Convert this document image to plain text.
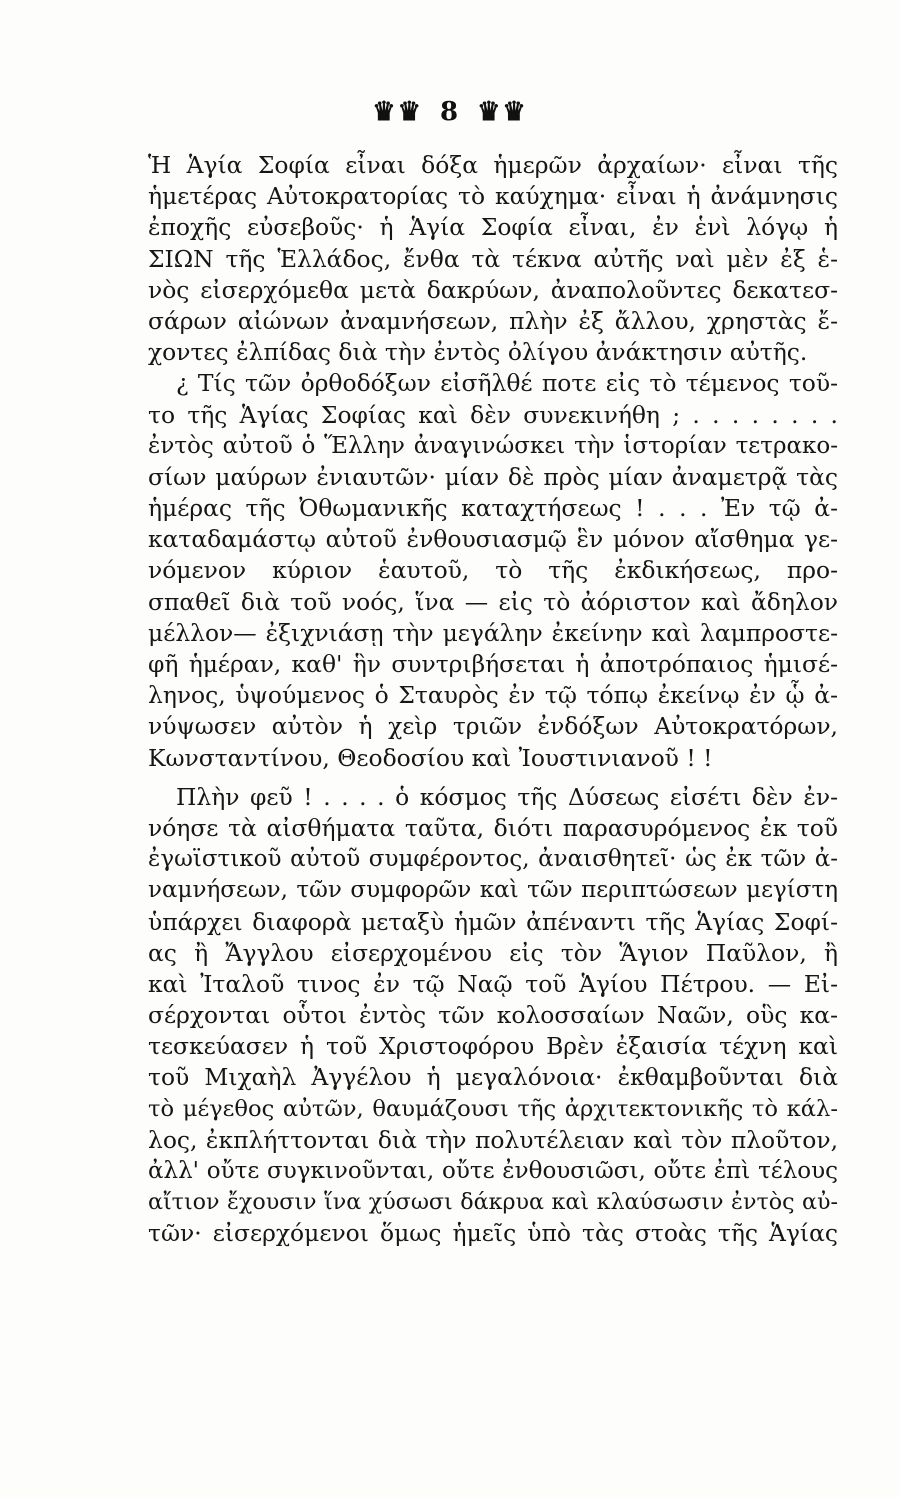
♛♛ 8 ♛♛
Ἡ Ἁγία Σοφία εἶναι δόξα ἡμερῶν ἀρχαίων· εἶναι τῆς
ἡμετέρας Αὐτοκρατορίας τὸ καύχημα· εἶναι ἡ ἀνάμνησις
ἐποχῆς εὐσεβοῦς· ἡ Ἁγία Σοφία εἶναι, ἐν ἑνὶ λόγῳ ἡ
ΣΙΩΝ τῆς Ἑλλάδος, ἔνθα τὰ τέκνα αὐτῆς ναὶ μὲν ἐξ ἑ-
νὸς εἰσερχόμεθα μετὰ δακρύων, ἀναπολοῦντες δεκατεσ-
σάρων αἰώνων ἀναμνήσεων, πλὴν ἐξ ἄλλου, χρηστὰς ἔ-
χοντες ἐλπίδας διὰ τὴν ἐντὸς ὀλίγου ἀνάκτησιν αὐτῆς.
¿ Τίς τῶν ὀρθοδόξων εἰσῆλθέ ποτε εἰς τὸ τέμενος τοῦ-
το τῆς Ἁγίας Σοφίας καὶ δὲν συνεκινήθη ; . . . . . . . .
ἐντὸς αὐτοῦ ὁ Ἕλλην ἀναγινώσκει τὴν ἱστορίαν τετρακο-
σίων μαύρων ἐνιαυτῶν· μίαν δὲ πρὸς μίαν ἀναμετρᾷ τὰς
ἡμέρας τῆς Ὀθωμανικῆς καταχτήσεως ! . . . Ἐν τῷ ἀ-
καταδαμάστῳ αὐτοῦ ἐνθουσιασμῷ ἓν μόνον αἴσθημα γε-
νόμενον κύριον ἑαυτοῦ, τὸ τῆς ἐκδικήσεως, προ-
σπαθεῖ διὰ τοῦ νοός, ἵνα — εἰς τὸ ἀόριστον καὶ ἄδηλον
μέλλον— ἐξιχνιάσῃ τὴν μεγάλην ἐκείνην καὶ λαμπροστε-
φῆ ἡμέραν, καθ' ἣν συντριβήσεται ἡ ἀποτρόπαιος ἡμισέ-
ληνος, ὑψούμενος ὁ Σταυρὸς ἐν τῷ τόπῳ ἐκείνῳ ἐν ᾧ ἀ-
νύψωσεν αὐτὸν ἡ χεὶρ τριῶν ἐνδόξων Αὐτοκρατόρων,
Κωνσταντίνου, Θεοδοσίου καὶ Ἰουστινιανοῦ ! !
Πλὴν φεῦ ! . . . . ὁ κόσμος τῆς Δύσεως εἰσέτι δὲν ἐν-
νόησε τὰ αἰσθήματα ταῦτα, διότι παρασυρόμενος ἐκ τοῦ
ἐγωϊστικοῦ αὐτοῦ συμφέροντος, ἀναισθητεῖ· ὡς ἐκ τῶν ἀ-
ναμνήσεων, τῶν συμφορῶν καὶ τῶν περιπτώσεων μεγίστη
ὑπάρχει διαφορὰ μεταξὺ ἡμῶν ἀπέναντι τῆς Ἁγίας Σοφί-
ας ἢ Ἄγγλου εἰσερχομένου εἰς τὸν Ἅγιον Παῦλον, ἢ
καὶ Ἰταλοῦ τινος ἐν τῷ Ναῷ τοῦ Ἁγίου Πέτρου. — Εἰ-
σέρχονται οὗτοι ἐντὸς τῶν κολοσσαίων Ναῶν, οὓς κα-
τεσκεύασεν ἡ τοῦ Χριστοφόρου Βρὲν ἐξαισία τέχνη καὶ
τοῦ Μιχαὴλ Ἀγγέλου ἡ μεγαλόνοια· ἐκθαμβοῦνται διὰ
τὸ μέγεθος αὐτῶν, θαυμάζουσι τῆς ἀρχιτεκτονικῆς τὸ κάλ-
λος, ἐκπλήττονται διὰ τὴν πολυτέλειαν καὶ τὸν πλοῦτον,
ἀλλ' οὔτε συγκινοῦνται, οὔτε ἐνθουσιῶσι, οὔτε ἐπὶ τέλους
αἴτιον ἔχουσιν ἵνα χύσωσι δάκρυα καὶ κλαύσωσιν ἐντὸς αὐ-
τῶν· εἰσερχόμενοι ὅμως ἡμεῖς ὑπὸ τὰς στοὰς τῆς Ἁγίας
